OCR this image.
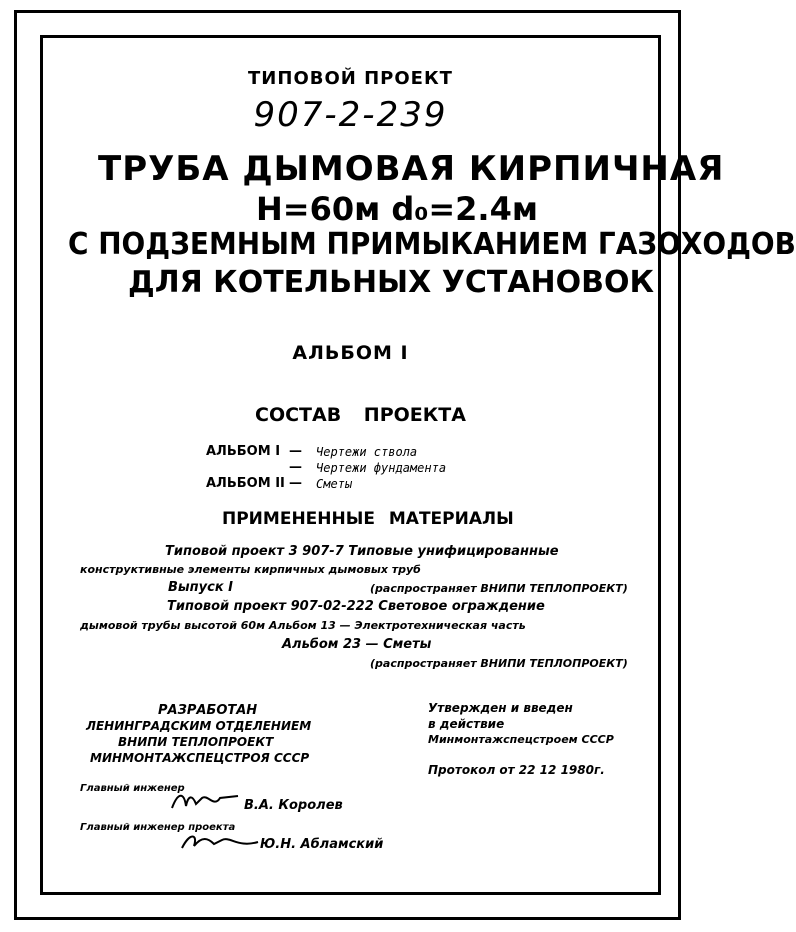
ТИПОВОЙ ПРОЕКТ
907-2-239
ТРУБА ДЫМОВАЯ КИРПИЧНАЯ
Н=60м d₀=2.4м
С ПОДЗЕМНЫМ ПРИМЫКАНИЕМ ГАЗОХОДОВ
ДЛЯ КОТЕЛЬНЫХ УСТАНОВОК
АЛЬБОМ I
СОСТАВ ПРОЕКТА
АЛЬБОМ I — Чертежи ствола
— Чертежи фундамента
АЛЬБОМ II — Сметы
ПРИМЕНЕННЫЕ МАТЕРИАЛЫ
Типовой проект 3 907-7 Типовые унифицированные
конструктивные элементы кирпичных дымовых труб
Выпуск I	(распространяет ВНИПИ ТЕПЛОПРОЕКТ)
Типовой проект 907-02-222 Световое ограждение
дымовой трубы высотой 60м Альбом 13 — Электротехническая часть
Альбом 23 — Сметы
(распространяет ВНИПИ ТЕПЛОПРОЕКТ)
РАЗРАБОТАН
ЛЕНИНГРАДСКИМ ОТДЕЛЕНИЕМ
ВНИПИ ТЕПЛОПРОЕКТ
МИНМОНТАЖСПЕЦСТРОЯ СССР
Утвержден и введен
в действие
Минмонтажспецстроем СССР
Протокол от 22 12 1980г.
Главный инженер
В.А. Королев
Главный инженер проекта
Ю.Н. Абламский
